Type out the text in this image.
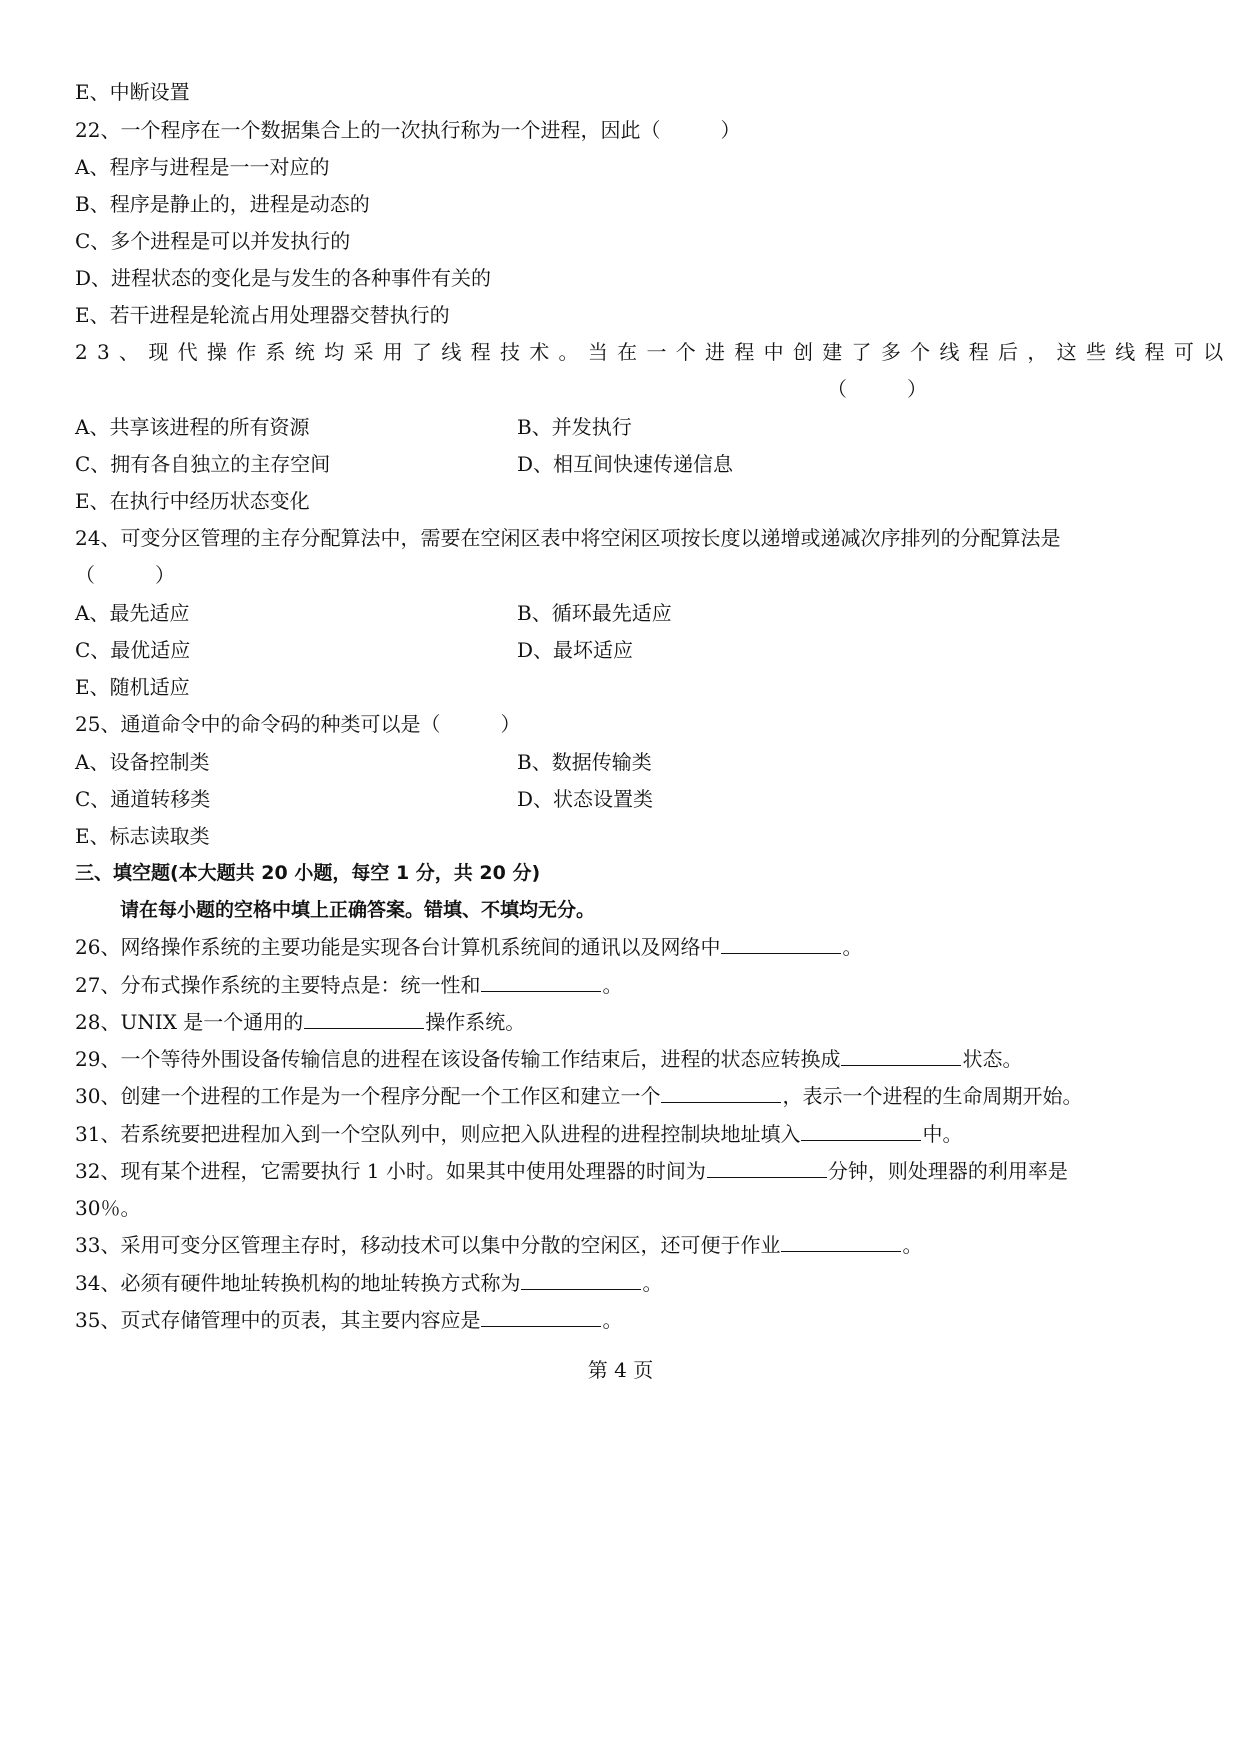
E、中断设置
22、一个程序在一个数据集合上的一次执行称为一个进程，因此（　　　）
A、程序与进程是一一对应的
B、程序是静止的，进程是动态的
C、多个进程是可以并发执行的
D、进程状态的变化是与发生的各种事件有关的
E、若干进程是轮流占用处理器交替执行的
23、现代操作系统均采用了线程技术。当在一个进程中创建了多个线程后，这些线程可以
（　　　）
A、共享该进程的所有资源	B、并发执行
C、拥有各自独立的主存空间	D、相互间快速传递信息
E、在执行中经历状态变化
24、可变分区管理的主存分配算法中，需要在空闲区表中将空闲区项按长度以递增或递减次序排列的分配算法是
（　　　）
A、最先适应	B、循环最先适应
C、最优适应	D、最坏适应
E、随机适应
25、通道命令中的命令码的种类可以是（　　　）
A、设备控制类	B、数据传输类
C、通道转移类	D、状态设置类
E、标志读取类
三、填空题(本大题共 20 小题，每空 1 分，共 20 分)
请在每小题的空格中填上正确答案。错填、不填均无分。
26、网络操作系统的主要功能是实现各台计算机系统间的通讯以及网络中	。
27、分布式操作系统的主要特点是：统一性和	。
28、UNIX 是一个通用的	操作系统。
29、一个等待外围设备传输信息的进程在该设备传输工作结束后，进程的状态应转换成	状态。
30、创建一个进程的工作是为一个程序分配一个工作区和建立一个	，表示一个进程的生命周期开始。
31、若系统要把进程加入到一个空队列中，则应把入队进程的进程控制块地址填入	中。
32、现有某个进程，它需要执行 1 小时。如果其中使用处理器的时间为	分钟，则处理器的利用率是
30％。
33、采用可变分区管理主存时，移动技术可以集中分散的空闲区，还可便于作业	。
34、必须有硬件地址转换机构的地址转换方式称为	。
35、页式存储管理中的页表，其主要内容应是	。
第 4 页
